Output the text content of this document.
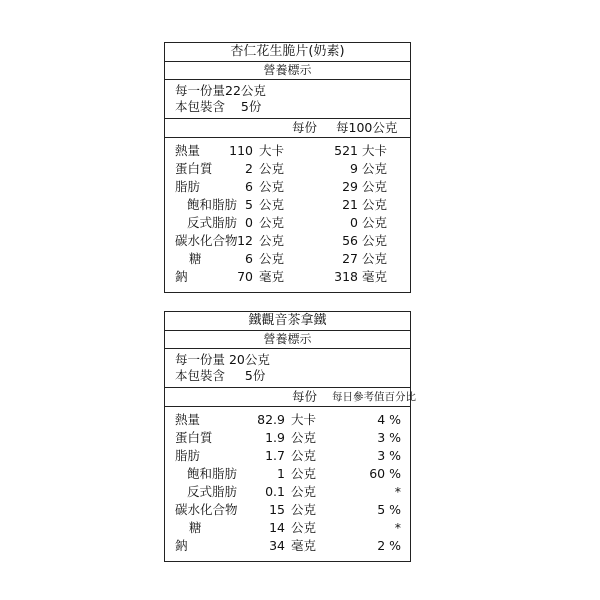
杏仁花生脆片(奶素)
營養標示
每一份量22公克
本包裝含    5份
每份 每100公克
熱量 110 大卡	521 大卡
蛋白質	2 公克	9 公克
脂肪	6 公克	29 公克
飽和脂肪 5 公克	21 公克
反式脂肪 0 公克	0 公克
碳水化合物 12 公克	56 公克
糖	6 公克	27 公克
鈉	70 毫克	318 毫克
鐵觀音茶拿鐵
營養標示
每一份量 20公克
本包裝含     5份
每份 每日參考值百分比
熱量	82.9 大卡	4 %
蛋白質	1.9 公克	3 %
脂肪	1.7 公克	3 %
飽和脂肪	1 公克	60 %
反式脂肪 0.1 公克	*
碳水化合物	15 公克	5 %
糖	14 公克	*
鈉	34 毫克	2 %
